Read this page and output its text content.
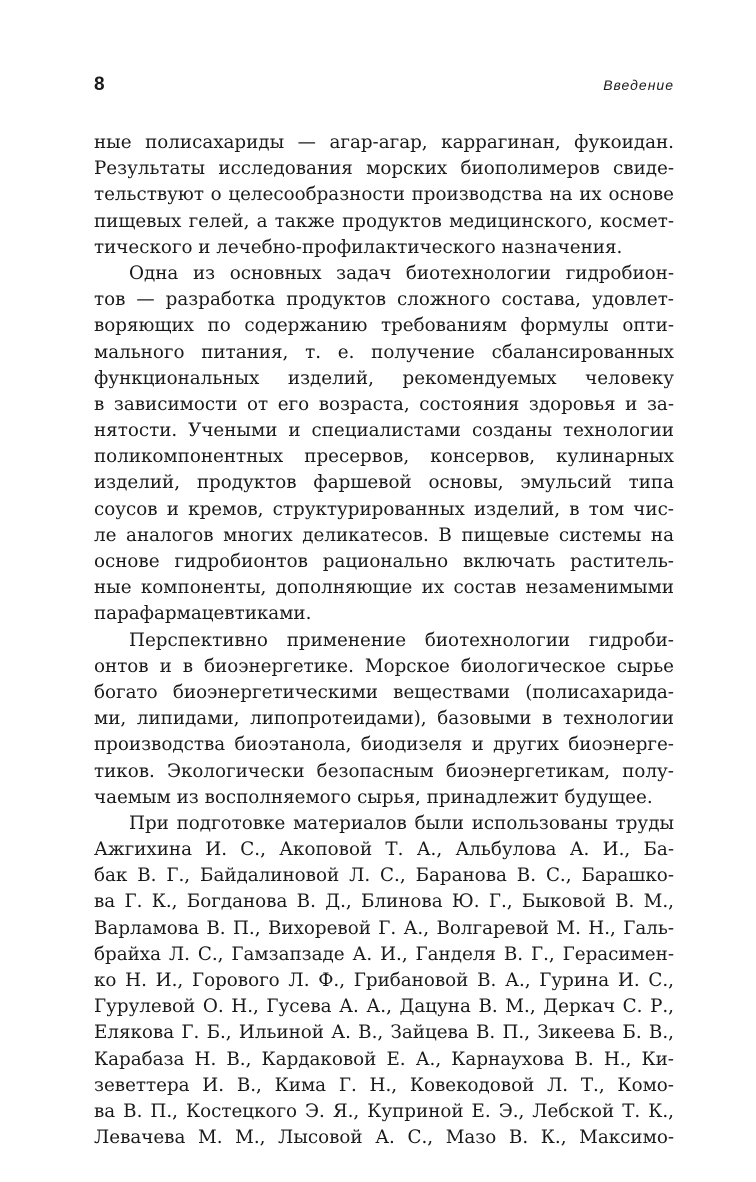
8	Введение
ные полисахариды — агар-агар, каррагинан, фукоидан.
Результаты исследования морских биополимеров свиде-
тельствуют о целесообразности производства на их основе
пищевых гелей, а также продуктов медицинского, космет-
тического и лечебно-профилактического назначения.
Одна из основных задач биотехнологии гидробион-
тов — разработка продуктов сложного состава, удовлет-
воряющих по содержанию требованиям формулы опти-
мального питания, т. е. получение сбалансированных
функциональных изделий, рекомендуемых человеку
в зависимости от его возраста, состояния здоровья и за-
нятости. Учеными и специалистами созданы технологии
поликомпонентных пресервов, консервов, кулинарных
изделий, продуктов фаршевой основы, эмульсий типа
соусов и кремов, структурированных изделий, в том чис-
ле аналогов многих деликатесов. В пищевые системы на
основе гидробионтов рационально включать раститель-
ные компоненты, дополняющие их состав незаменимыми
парафармацевтиками.
Перспективно применение биотехнологии гидроби-
онтов и в биоэнергетике. Морское биологическое сырье
богато биоэнергетическими веществами (полисахарида-
ми, липидами, липопротеидами), базовыми в технологии
производства биоэтанола, биодизеля и других биоэнерге-
тиков. Экологически безопасным биоэнергетикам, полу-
чаемым из восполняемого сырья, принадлежит будущее.
При подготовке материалов были использованы труды
Ажгихина И. С., Акоповой Т. А., Альбулова А. И., Ба-
бак В. Г., Байдалиновой Л. С., Баранова В. С., Барашко-
ва Г. К., Богданова В. Д., Блинова Ю. Г., Быковой В. М.,
Варламова В. П., Вихоревой Г. А., Волгаревой М. Н., Галь-
брайха Л. С., Гамзапзаде А. И., Ганделя В. Г., Герасимен-
ко Н. И., Горового Л. Ф., Грибановой В. А., Гурина И. С.,
Гурулевой О. Н., Гусева А. А., Дацуна В. М., Деркач С. Р.,
Елякова Г. Б., Ильиной А. В., Зайцева В. П., Зикеева Б. В.,
Карабаза Н. В., Кардаковой Е. А., Карнаухова В. Н., Ки-
зеветтера И. В., Кима Г. Н., Ковекодовой Л. Т., Комо-
ва В. П., Костецкого Э. Я., Куприной Е. Э., Лебской Т. К.,
Левачева М. М., Лысовой А. С., Мазо В. К., Максимо-
